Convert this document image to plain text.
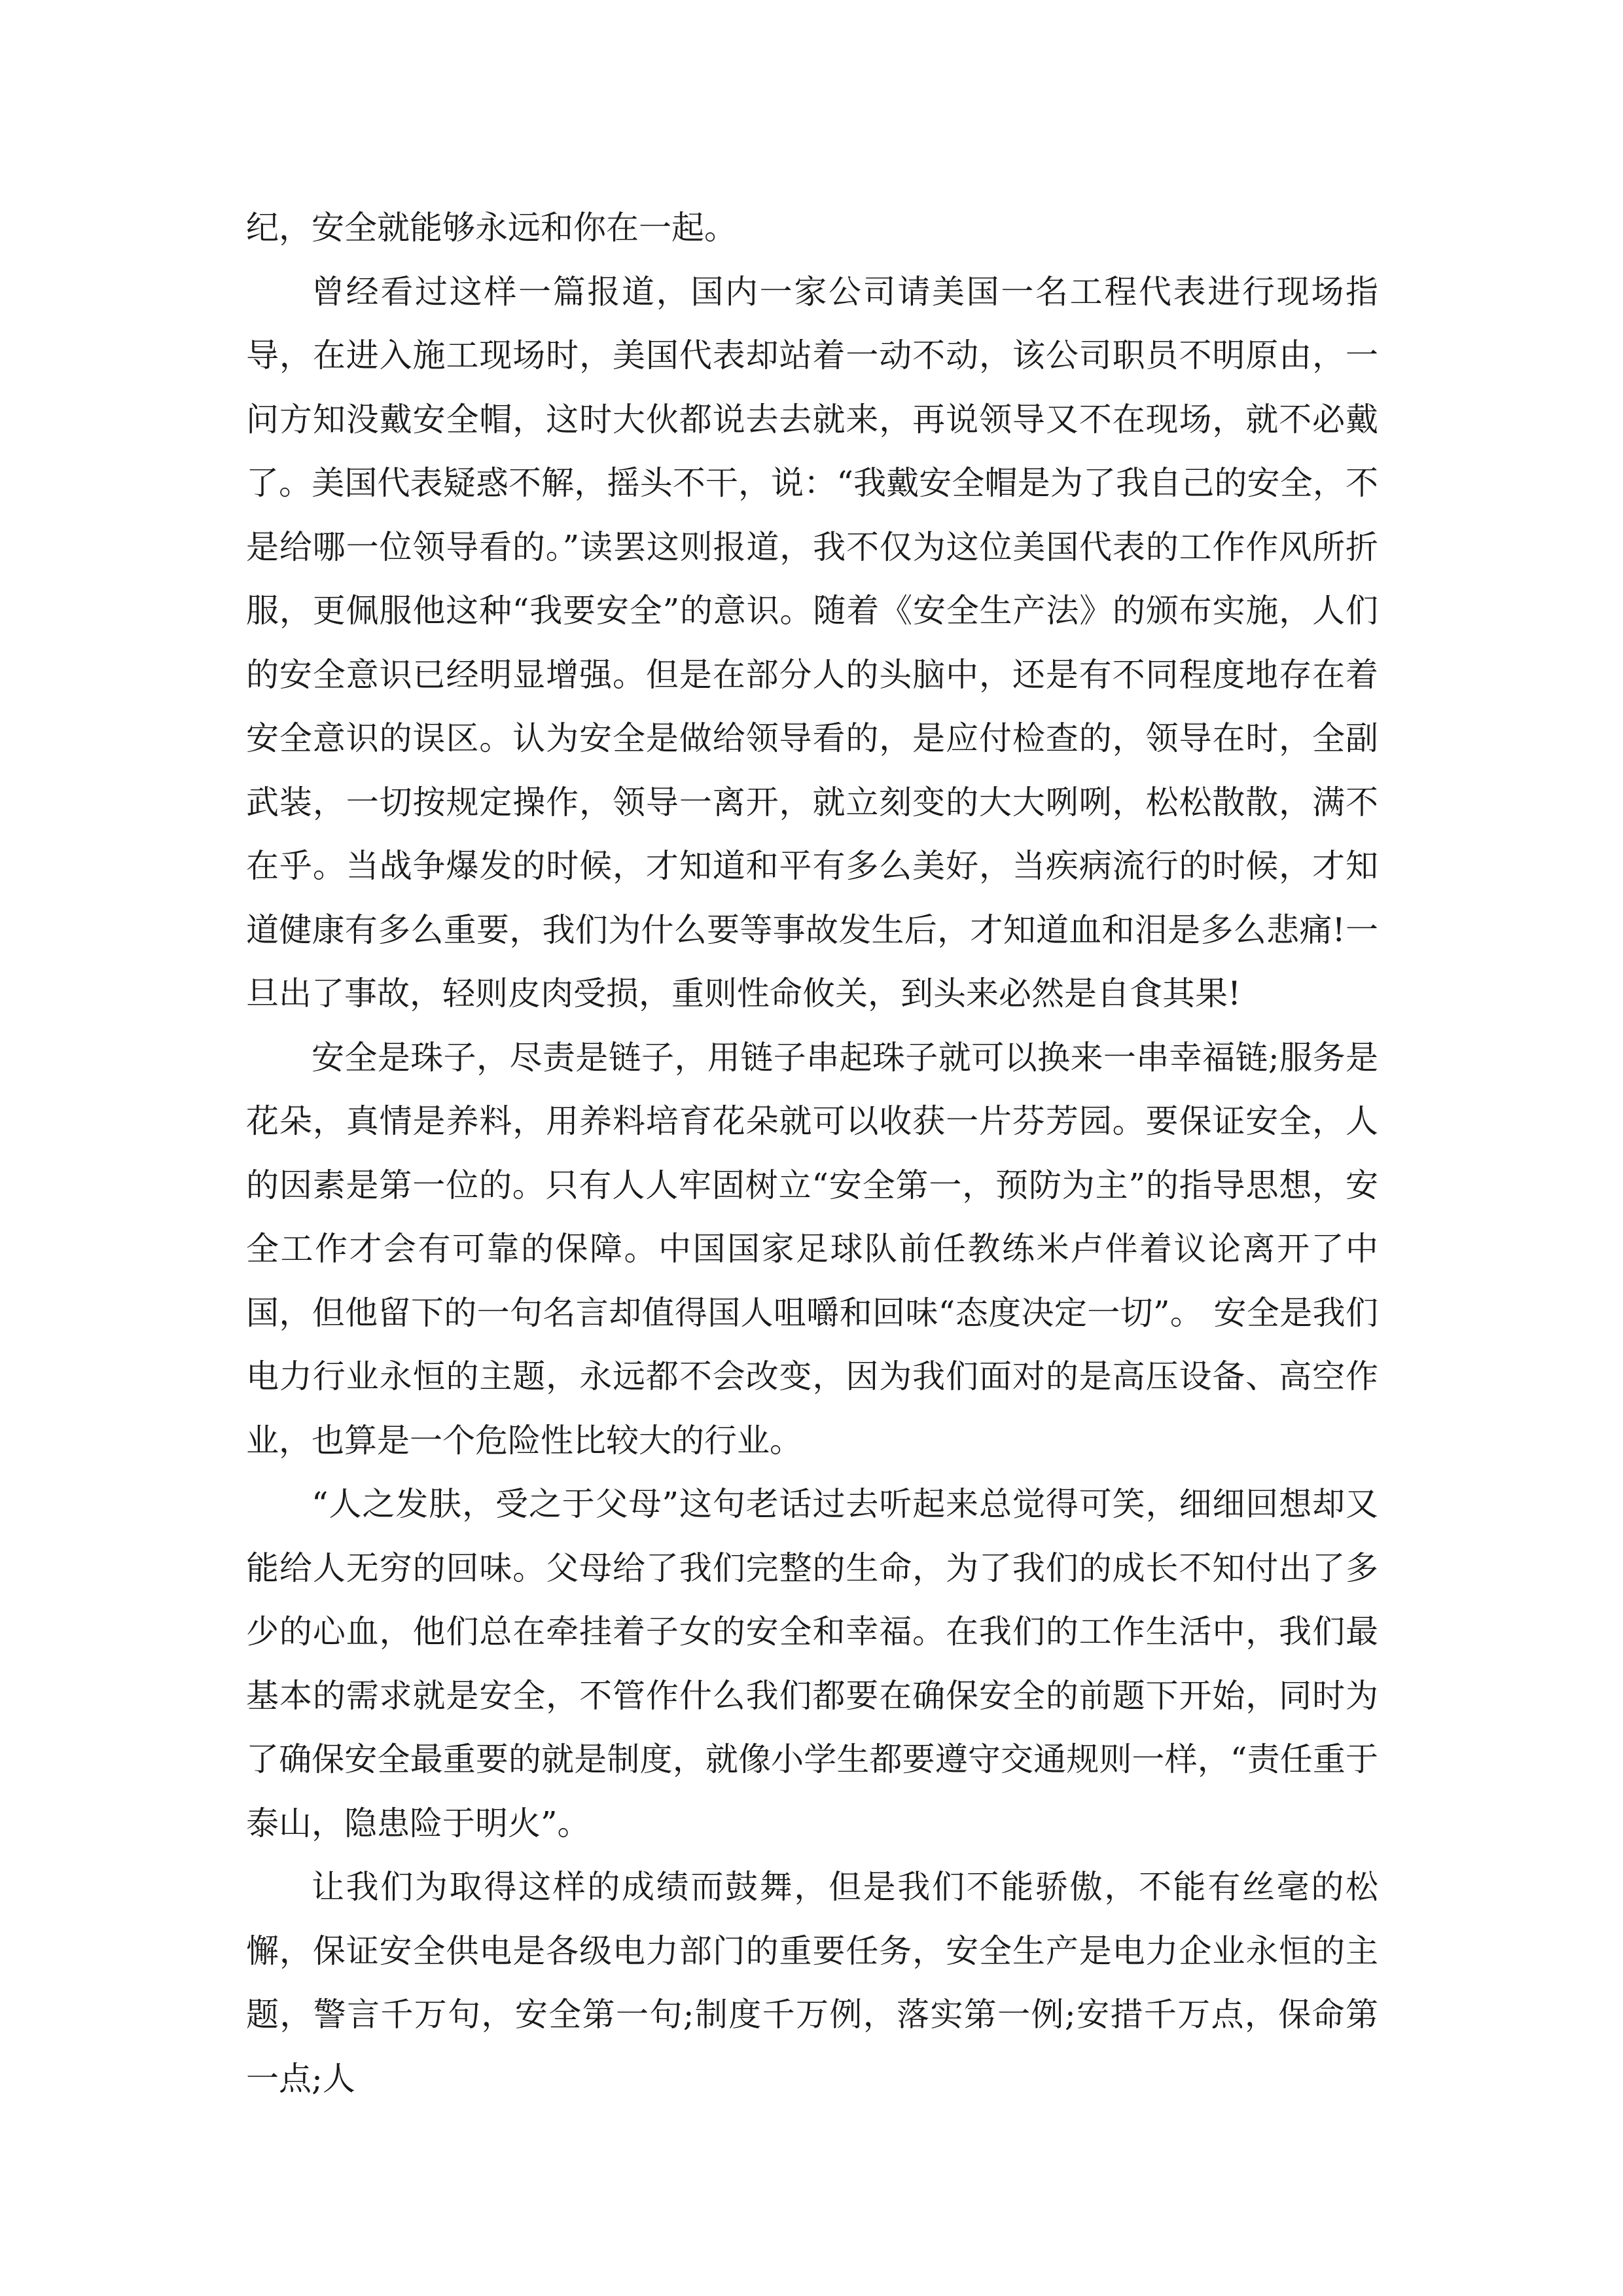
纪，安全就能够永远和你在一起。

曾经看过这样一篇报道，国内一家公司请美国一名工程代表进行现场指导，在进入施工现场时，美国代表却站着一动不动，该公司职员不明原由，一问方知没戴安全帽，这时大伙都说去去就来，再说领导又不在现场，就不必戴了。美国代表疑惑不解，摇头不干，说：“我戴安全帽是为了我自己的安全，不是给哪一位领导看的。”读罢这则报道，我不仅为这位美国代表的工作作风所折服，更佩服他这种“我要安全”的意识。随着《安全生产法》的颁布实施，人们的安全意识已经明显增强。但是在部分人的头脑中，还是有不同程度地存在着安全意识的误区。认为安全是做给领导看的，是应付检查的，领导在时，全副武装，一切按规定操作，领导一离开，就立刻变的大大咧咧，松松散散，满不在乎。当战争爆发的时候，才知道和平有多么美好，当疾病流行的时候，才知道健康有多么重要，我们为什么要等事故发生后，才知道血和泪是多么悲痛!一旦出了事故，轻则皮肉受损，重则性命攸关，到头来必然是自食其果!

安全是珠子，尽责是链子，用链子串起珠子就可以换来一串幸福链;服务是花朵，真情是养料，用养料培育花朵就可以收获一片芬芳园。要保证安全，人的因素是第一位的。只有人人牢固树立“安全第一，预防为主”的指导思想，安全工作才会有可靠的保障。中国国家足球队前任教练米卢伴着议论离开了中国，但他留下的一句名言却值得国人咀嚼和回味“态度决定一切”。 安全是我们电力行业永恒的主题，永远都不会改变，因为我们面对的是高压设备、高空作业，也算是一个危险性比较大的行业。

“人之发肤，受之于父母”这句老话过去听起来总觉得可笑，细细回想却又能给人无穷的回味。父母给了我们完整的生命，为了我们的成长不知付出了多少的心血，他们总在牵挂着子女的安全和幸福。在我们的工作生活中，我们最基本的需求就是安全，不管作什么我们都要在确保安全的前题下开始，同时为了确保安全最重要的就是制度，就像小学生都要遵守交通规则一样，“责任重于泰山，隐患险于明火”。

让我们为取得这样的成绩而鼓舞，但是我们不能骄傲，不能有丝毫的松懈，保证安全供电是各级电力部门的重要任务，安全生产是电力企业永恒的主题，警言千万句，安全第一句;制度千万例，落实第一例;安措千万点，保命第一点;人
